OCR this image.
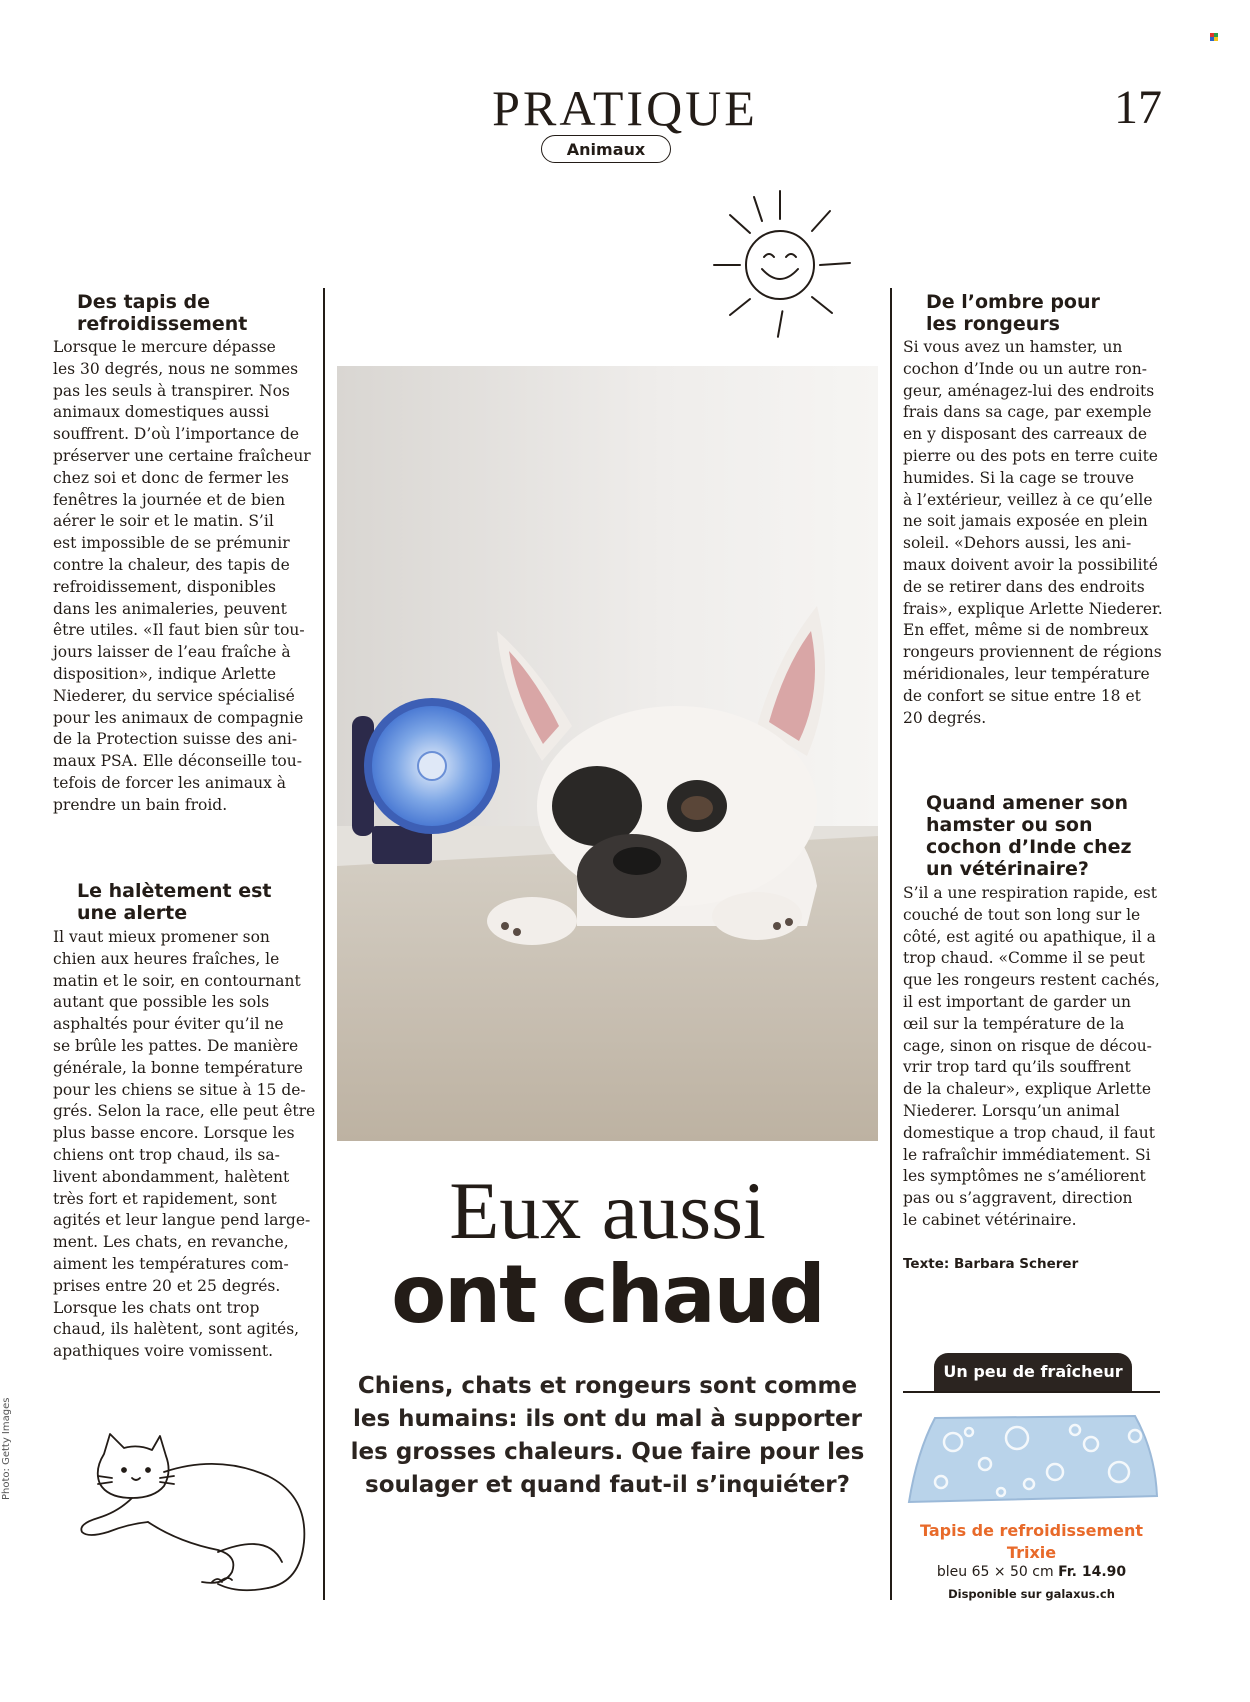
PRATIQUE	17
Animaux
Des tapis de
refroidissement
Lorsque le mercure dépasse
les 30 degrés, nous ne sommes
pas les seuls à transpirer. Nos
animaux domestiques aussi
souffrent. D’où l’importance de
préserver une certaine fraîcheur
chez soi et donc de fermer les
fenêtres la journée et de bien
aérer le soir et le matin. S’il
est impossible de se prémunir
contre la chaleur, des tapis de
refroidissement, disponibles
dans les animaleries, peuvent
être utiles. «Il faut bien sûr tou-
jours laisser de l’eau fraîche à
disposition», indique Arlette
Niederer, du service spécialisé
pour les animaux de compagnie
de la Protection suisse des ani-
maux PSA. Elle déconseille tou-
tefois de forcer les animaux à
prendre un bain froid.
Le halètement est
une alerte
Il vaut mieux promener son
chien aux heures fraîches, le
matin et le soir, en contournant
autant que possible les sols
asphaltés pour éviter qu’il ne
se brûle les pattes. De manière
générale, la bonne température
pour les chiens se situe à 15 de-
grés. Selon la race, elle peut être
plus basse encore. Lorsque les
chiens ont trop chaud, ils sa-
livent abondamment, halètent
très fort et rapidement, sont
agités et leur langue pend large-
ment. Les chats, en revanche,
aiment les températures com-
prises entre 20 et 25 degrés.
Lorsque les chats ont trop
chaud, ils halètent, sont agités,
apathiques voire vomissent.
Photo: Getty Images
Eux aussi
ont chaud
Chiens, chats et rongeurs sont comme les humains: ils ont du mal à supporter les grosses chaleurs. Que faire pour les soulager et quand faut-il s’inquiéter?
De l’ombre pour
les rongeurs
Si vous avez un hamster, un
cochon d’Inde ou un autre ron-
geur, aménagez-lui des endroits
frais dans sa cage, par exemple
en y disposant des carreaux de
pierre ou des pots en terre cuite
humides. Si la cage se trouve
à l’extérieur, veillez à ce qu’elle
ne soit jamais exposée en plein
soleil. «Dehors aussi, les ani-
maux doivent avoir la possibilité
de se retirer dans des endroits
frais», explique Arlette Niederer.
En effet, même si de nombreux
rongeurs proviennent de régions
méridionales, leur température
de confort se situe entre 18 et
20 degrés.
Quand amener son
hamster ou son
cochon d’Inde chez
un vétérinaire?
S’il a une respiration rapide, est
couché de tout son long sur le
côté, est agité ou apathique, il a
trop chaud. «Comme il se peut
que les rongeurs restent cachés,
il est important de garder un
œil sur la température de la
cage, sinon on risque de décou-
vrir trop tard qu’ils souffrent
de la chaleur», explique Arlette
Niederer. Lorsqu’un animal
domestique a trop chaud, il faut
le rafraîchir immédiatement. Si
les symptômes ne s’améliorent
pas ou s’aggravent, direction
le cabinet vétérinaire.
Texte: Barbara Scherer
Un peu de fraîcheur
Tapis de refroidissement
Trixie
bleu 65 × 50 cm Fr. 14.90
Disponible sur galaxus.ch
